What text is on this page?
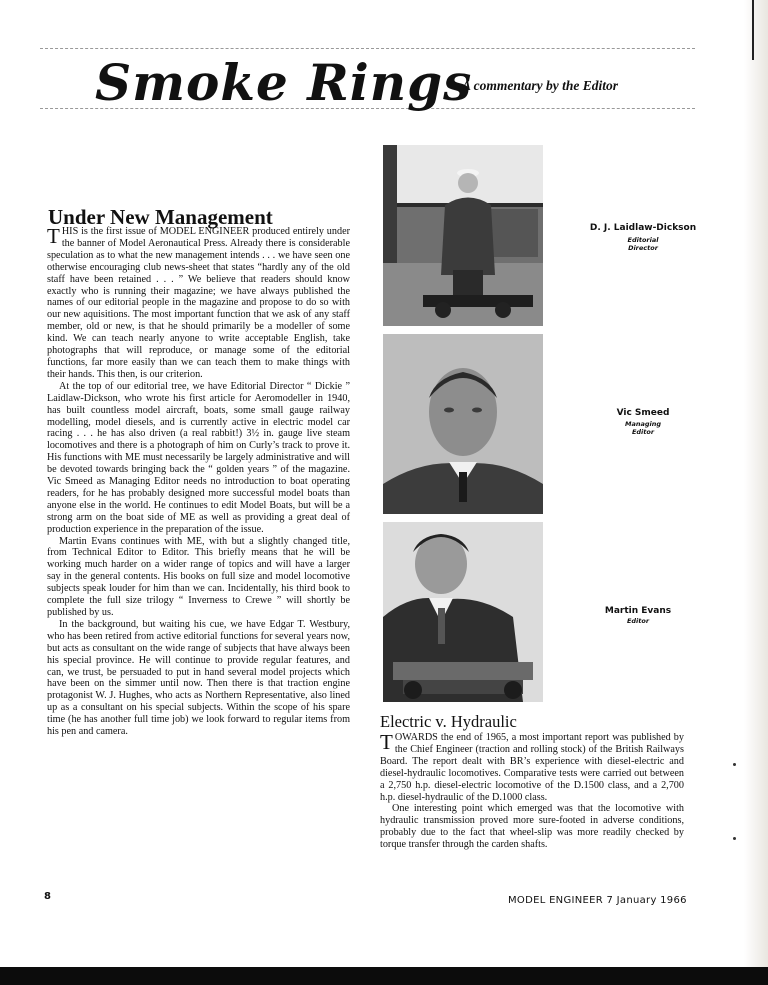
Smoke Rings
A commentary by the Editor
Under New Management

THIS is the first issue of MODEL ENGINEER produced entirely under the banner of Model Aeronautical Press. Already there is considerable speculation as to what the new management intends . . . we have seen one otherwise encouraging club news-sheet that states “hardly any of the old staff have been retained . . . ” We believe that readers should know exactly who is running their magazine; we have always published the names of our editorial people in the magazine and propose to do so with our new aquisitions. The most important function that we ask of any staff member, old or new, is that he should primarily be a modeller of some kind. We can teach nearly anyone to write acceptable English, take photographs that will reproduce, or manage some of the editorial functions, far more easily than we can teach them to make things with their hands. This then, is our criterion.

At the top of our editorial tree, we have Editorial Director “ Dickie ” Laidlaw-Dickson, who wrote his first article for Aeromodeller in 1940, has built countless model aircraft, boats, some small gauge railway modelling, model diesels, and is currently active in electric model car racing . . . he has also driven (a real rabbit!) 3½ in. gauge live steam locomotives and there is a photograph of him on Curly’s track to prove it. His functions with ME must necessarily be largely administrative and will be devoted towards bringing back the “ golden years ” of the magazine. Vic Smeed as Managing Editor needs no introduction to boat operating readers, for he has probably designed more successful model boats than anyone else in the world. He continues to edit Model Boats, but will be a strong arm on the boat side of ME as well as providing a great deal of production experience in the preparation of the issue.

Martin Evans continues with ME, with but a slightly changed title, from Technical Editor to Editor. This briefly means that he will be working much harder on a wider range of topics and will have a larger say in the general contents. His books on full size and model locomotive subjects speak louder for him than we can. Incidentally, his third book to complete the full size trilogy “ Inverness to Crewe ” will shortly be published by us.

In the background, but waiting his cue, we have Edgar T. Westbury, who has been retired from active editorial functions for several years now, but acts as consultant on the wide range of subjects that have always been his special province. He will continue to provide regular features, and can, we trust, be persuaded to put in hand several model projects which have been on the simmer until now. Then there is that traction engine protagonist W. J. Hughes, who acts as Northern Representative, also lined up as a consultant on his special subjects. Within the scope of his spare time (he has another full time job) we look forward to regular items from his pen and camera.

D. J. Laidlaw-Dickson
Editorial
Director
Vic Smeed
Managing
Editor
Martin Evans
Editor
Electric v. Hydraulic

TOWARDS the end of 1965, a most important report was published by the Chief Engineer (traction and rolling stock) of the British Railways Board. The report dealt with BR’s experience with diesel-electric and diesel-hydraulic locomotives. Comparative tests were carried out between a 2,750 h.p. diesel-electric locomotive of the D.1500 class, and a 2,700 h.p. diesel-hydraulic of the D.1000 class.

One interesting point which emerged was that the locomotive with hydraulic transmission proved more sure-footed in adverse conditions, probably due to the fact that wheel-slip was more readily checked by torque transfer through the carden shafts.

8	MODEL ENGINEER 7 January 1966
